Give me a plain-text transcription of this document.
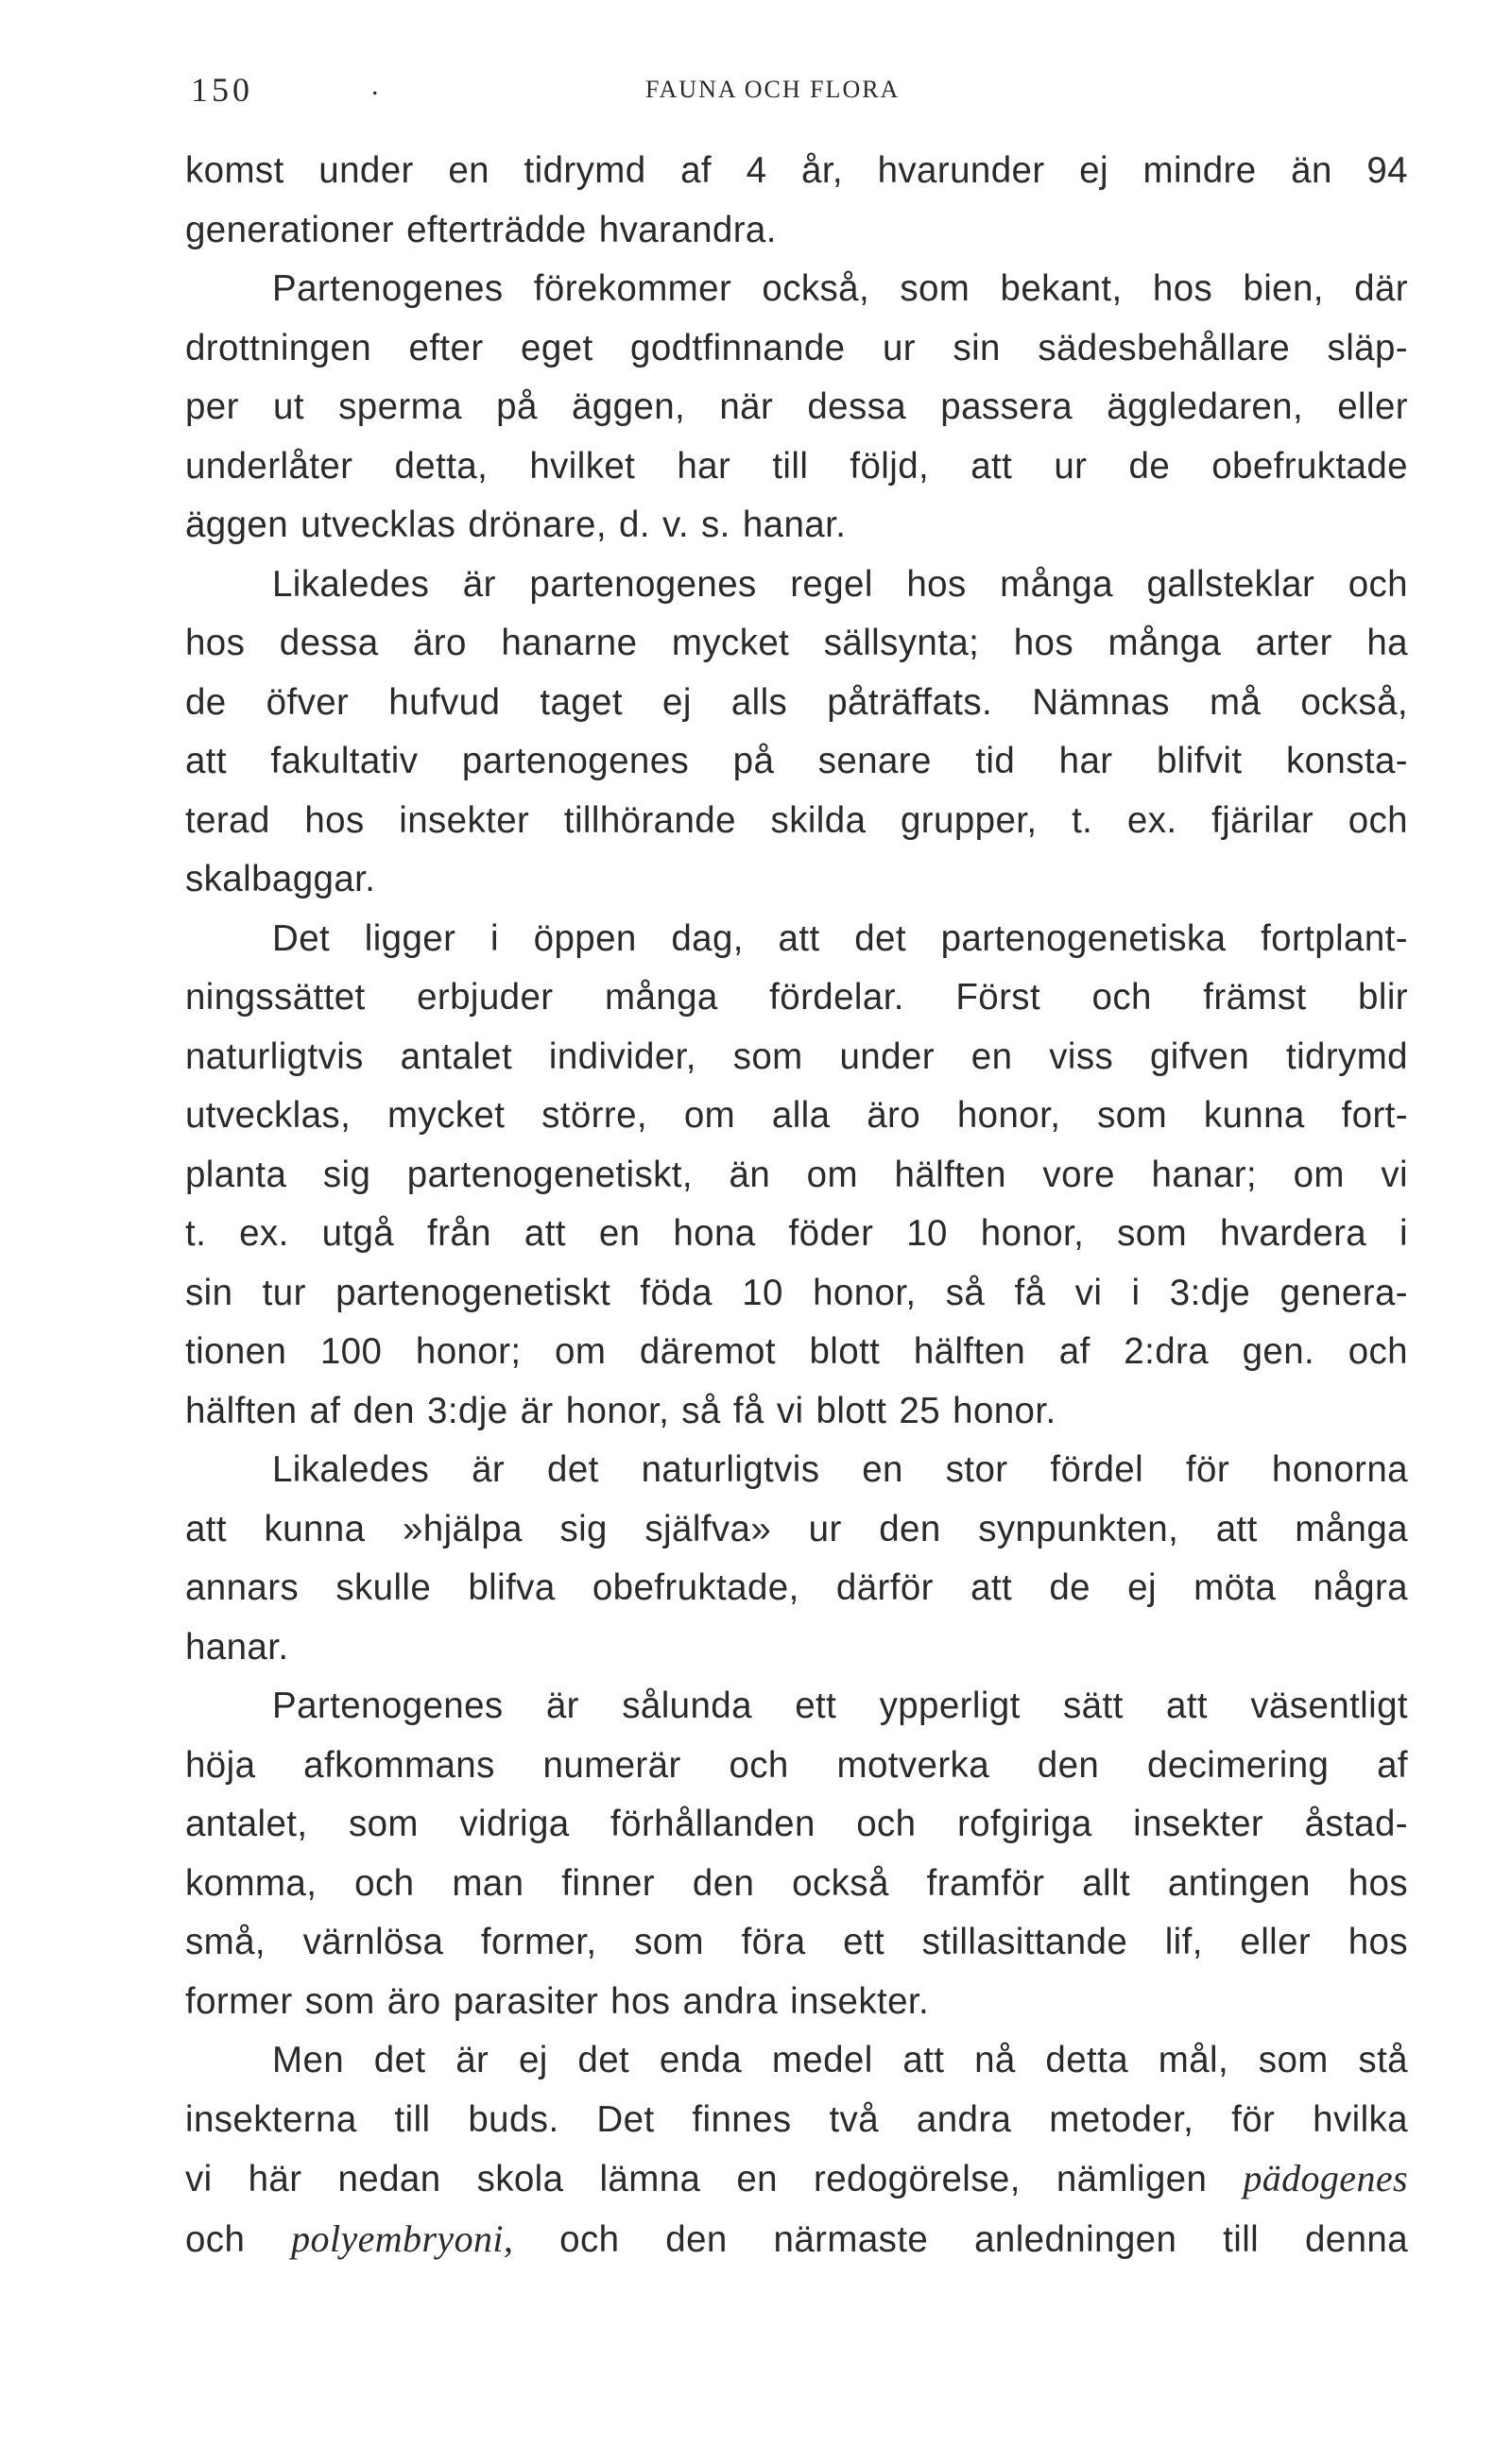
150	.	FAUNA OCH FLORA

komst under en tidrymd af 4 år, hvarunder ej mindre än 94

generationer efterträdde hvarandra.

Partenogenes förekommer också, som bekant, hos bien, där

drottningen efter eget godtfinnande ur sin sädesbehållare släp-

per ut sperma på äggen, när dessa passera äggledaren, eller

underlåter detta, hvilket har till följd, att ur de obefruktade

äggen utvecklas drönare, d. v. s. hanar.

Likaledes är partenogenes regel hos många gallsteklar och

hos dessa äro hanarne mycket sällsynta; hos många arter ha

de öfver hufvud taget ej alls påträffats. Nämnas må också,

att fakultativ partenogenes på senare tid har blifvit konsta-

terad hos insekter tillhörande skilda grupper, t. ex. fjärilar och

skalbaggar.

Det ligger i öppen dag, att det partenogenetiska fortplant-

ningssättet erbjuder många fördelar. Först och främst blir

naturligtvis antalet individer, som under en viss gifven tidrymd

utvecklas, mycket större, om alla äro honor, som kunna fort-

planta sig partenogenetiskt, än om hälften vore hanar; om vi

t. ex. utgå från att en hona föder 10 honor, som hvardera i

sin tur partenogenetiskt föda 10 honor, så få vi i 3:dje genera-

tionen 100 honor; om däremot blott hälften af 2:dra gen. och

hälften af den 3:dje är honor, så få vi blott 25 honor.

Likaledes är det naturligtvis en stor fördel för honorna

att kunna »hjälpa sig själfva» ur den synpunkten, att många

annars skulle blifva obefruktade, därför att de ej möta några

hanar.

Partenogenes är sålunda ett ypperligt sätt att väsentligt

höja afkommans numerär och motverka den decimering af

antalet, som vidriga förhållanden och rofgiriga insekter åstad-

komma, och man finner den också framför allt antingen hos

små, värnlösa former, som föra ett stillasittande lif, eller hos

former som äro parasiter hos andra insekter.

Men det är ej det enda medel att nå detta mål, som stå

insekterna till buds. Det finnes två andra metoder, för hvilka

vi här nedan skola lämna en redogörelse, nämligen pädogenes

och polyembryoni, och den närmaste anledningen till denna
